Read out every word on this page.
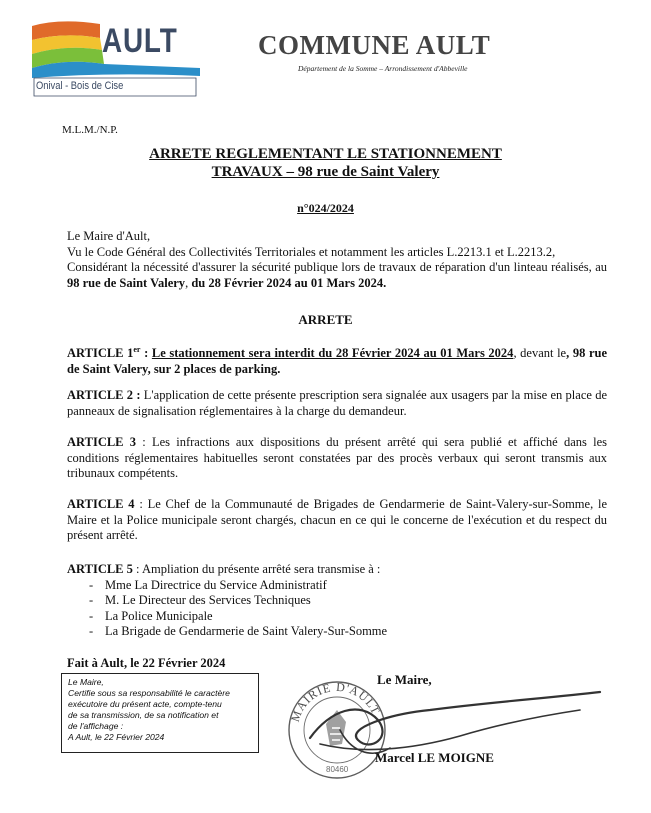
AULT
Onival - Bois de Cise
COMMUNE AULT
Département de la Somme – Arrondissement d'Abbeville
M.L.M./N.P.
ARRETE REGLEMENTANT LE STATIONNEMENT
TRAVAUX – 98 rue de Saint Valery
n°024/2024
Le Maire d'Ault,
Vu le Code Général des Collectivités Territoriales et notamment les articles L.2213.1 et L.2213.2,
Considérant la nécessité d'assurer la sécurité publique lors de travaux de réparation d'un linteau réalisés, au 98 rue de Saint Valery, du 28 Février 2024 au 01 Mars 2024.
ARRETE
ARTICLE 1er : Le stationnement sera interdit du 28 Février 2024 au 01 Mars 2024, devant le, 98 rue de Saint Valery, sur 2 places de parking.
ARTICLE 2 : L'application de cette présente prescription sera signalée aux usagers par la mise en place de panneaux de signalisation réglementaires à la charge du demandeur.
ARTICLE 3 : Les infractions aux dispositions du présent arrêté qui sera publié et affiché dans les conditions réglementaires habituelles seront constatées par des procès verbaux qui seront transmis aux tribunaux compétents.
ARTICLE 4 : Le Chef de la Communauté de Brigades de Gendarmerie de Saint-Valery-sur-Somme, le Maire et la Police municipale seront chargés, chacun en ce qui le concerne de l'exécution et du respect du présent arrêté.
ARTICLE 5 : Ampliation du présente arrêté sera transmise à :
- Mme La Directrice du Service Administratif
- M. Le Directeur des Services Techniques
- La Police Municipale
- La Brigade de Gendarmerie de Saint Valery-Sur-Somme
Fait à Ault, le 22 Février 2024
Le Maire,
Certifie sous sa responsabilité le caractère
exécutoire du présent acte, compte-tenu
de sa transmission, de sa notification et
de l'affichage :
A Ault, le 22 Février 2024
MAIRIE D'AULT
80460
Le Maire,
Marcel LE MOIGNE
